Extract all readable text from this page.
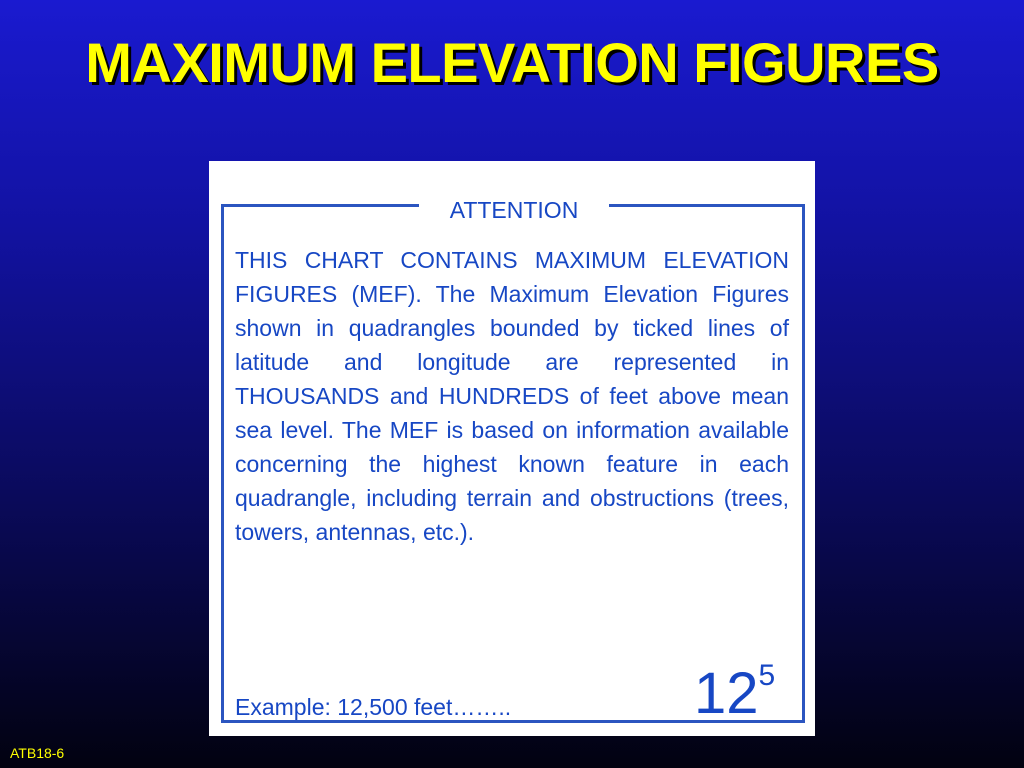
MAXIMUM ELEVATION FIGURES
ATTENTION

THIS CHART CONTAINS MAXIMUM ELEVATION FIGURES (MEF). The Maximum Elevation Figures shown in quadrangles bounded by ticked lines of latitude and longitude are represented in THOUSANDS and HUNDREDS of feet above mean sea level. The MEF is based on information available concerning the highest known feature in each quadrangle, including terrain and obstructions (trees, towers, antennas, etc.).

Example: 12,500 feet……..	$12^5$
ATB18-6
